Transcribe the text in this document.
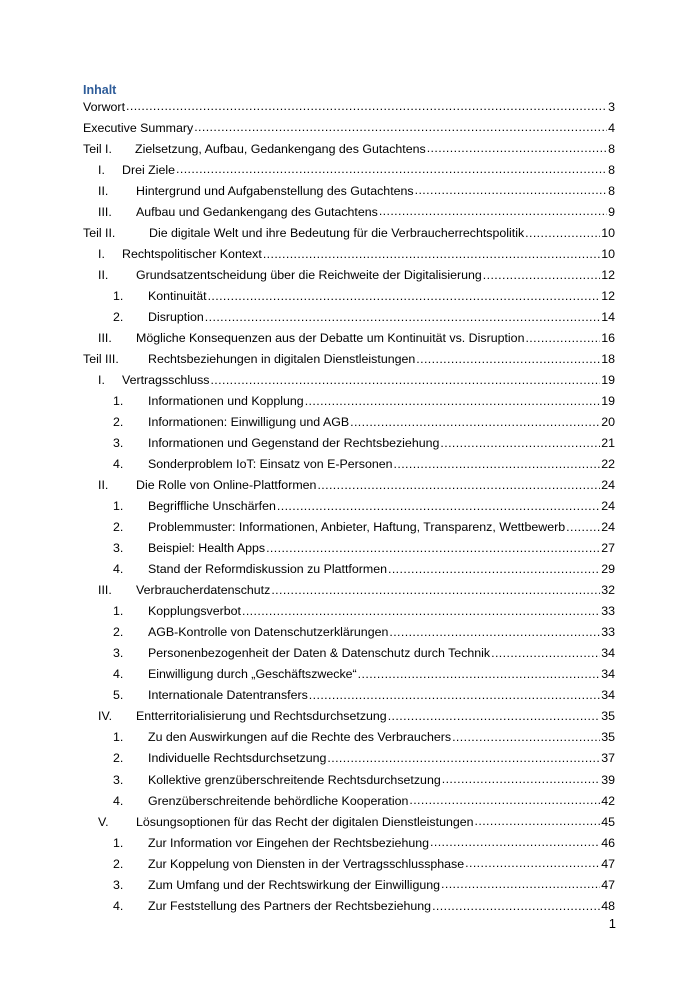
Inhalt
Vorwort .....	3
Executive Summary .....	4
Teil I.	Zielsetzung, Aufbau, Gedankengang des Gutachtens .....	8
I.	Drei Ziele .....	8
II.	Hintergrund und Aufgabenstellung des Gutachtens .....	8
III.	Aufbau und Gedankengang des Gutachtens .....	9
Teil II.	Die digitale Welt und ihre Bedeutung für die Verbraucherrechtspolitik .....	10
I.	Rechtspolitischer Kontext .....	10
II.	Grundsatzentscheidung über die Reichweite der Digitalisierung .....	12
1.	Kontinuität .....	12
2.	Disruption .....	14
III.	Mögliche Konsequenzen aus der Debatte um Kontinuität vs. Disruption .....	16
Teil III.	Rechtsbeziehungen in digitalen Dienstleistungen .....	18
I.	Vertragsschluss .....	19
1.	Informationen und Kopplung .....	19
2.	Informationen: Einwilligung und AGB .....	20
3.	Informationen und Gegenstand der Rechtsbeziehung .....	21
4.	Sonderproblem IoT: Einsatz von E-Personen .....	22
II.	Die Rolle von Online-Plattformen .....	24
1.	Begriffliche Unschärfen .....	24
2.	Problemmuster: Informationen, Anbieter, Haftung, Transparenz, Wettbewerb .....	24
3.	Beispiel: Health Apps .....	27
4.	Stand der Reformdiskussion zu Plattformen .....	29
III.	Verbraucherdatenschutz .....	32
1.	Kopplungsverbot .....	33
2.	AGB-Kontrolle von Datenschutzerklärungen .....	33
3.	Personenbezogenheit der Daten & Datenschutz durch Technik .....	34
4.	Einwilligung durch „Geschäftszwecke“ .....	34
5.	Internationale Datentransfers .....	34
IV.	Entterritorialisierung und Rechtsdurchsetzung .....	35
1.	Zu den Auswirkungen auf die Rechte des Verbrauchers .....	35
2.	Individuelle Rechtsdurchsetzung .....	37
3.	Kollektive grenzüberschreitende Rechtsdurchsetzung .....	39
4.	Grenzüberschreitende behördliche Kooperation .....	42
V.	Lösungsoptionen für das Recht der digitalen Dienstleistungen .....	45
1.	Zur Information vor Eingehen der Rechtsbeziehung .....	46
2.	Zur Koppelung von Diensten in der Vertragsschlussphase .....	47
3.	Zum Umfang und der Rechtswirkung der Einwilligung .....	47
4.	Zur Feststellung des Partners der Rechtsbeziehung .....	48
1
